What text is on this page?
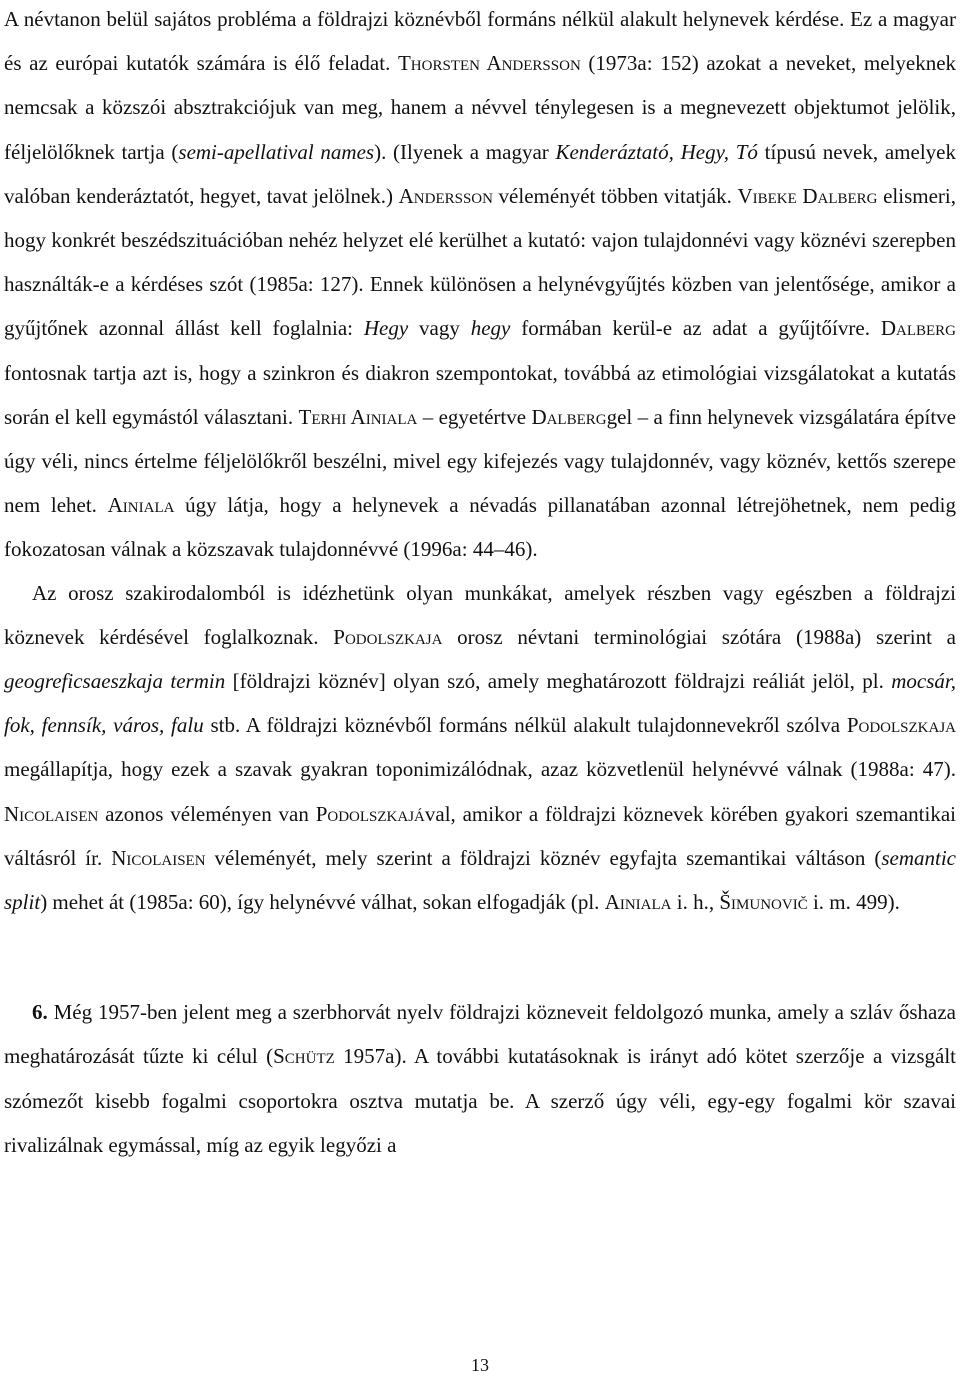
A névtanon belül sajátos probléma a földrajzi köznévből formáns nélkül alakult helynevek kérdése. Ez a magyar és az európai kutatók számára is élő feladat. Thorsten Andersson (1973a: 152) azokat a neveket, melyeknek nemcsak a közszói absztrakciójuk van meg, hanem a névvel ténylegesen is a megnevezett objektumot jelölik, féljelölőknek tartja (semi-apellatival names). (Ilyenek a magyar Kenderáztató, Hegy, Tó típusú nevek, amelyek valóban kenderáztatót, hegyet, tavat jelölnek.) Andersson véleményét többen vitatják. Vibeke Dalberg elismeri, hogy konkrét beszédszituációban nehéz helyzet elé kerülhet a kutató: vajon tulajdonnévi vagy köznévi szerepben használták-e a kérdéses szót (1985a: 127). Ennek különösen a helynévgyűjtés közben van jelentősége, amikor a gyűjtőnek azonnal állást kell foglalnia: Hegy vagy hegy formában kerül-e az adat a gyűjtőívre. Dalberg fontosnak tartja azt is, hogy a szinkron és diakron szempontokat, továbbá az etimológiai vizsgálatokat a kutatás során el kell egymástól választani. Terhi Ainiala – egyetértve Dalberggel – a finn helynevek vizsgálatára építve úgy véli, nincs értelme féljelölőkről beszélni, mivel egy kifejezés vagy tulajdonnév, vagy köznév, kettős szerepe nem lehet. Ainiala úgy látja, hogy a helynevek a névadás pillanatában azonnal létrejöhetnek, nem pedig fokozatosan válnak a közszavak tulajdonnévvé (1996a: 44–46).

Az orosz szakirodalomból is idézhetünk olyan munkákat, amelyek részben vagy egészben a földrajzi köznevek kérdésével foglalkoznak. Podolszkaja orosz névtani terminológiai szótára (1988a) szerint a geogreficsaeszkaja termin [földrajzi köznév] olyan szó, amely meghatározott földrajzi reáliát jelöl, pl. mocsár, fok, fennsík, város, falu stb. A földrajzi köznévből formáns nélkül alakult tulajdonnevekről szólva Podolszkaja megállapítja, hogy ezek a szavak gyakran toponimizálódnak, azaz közvetlenül helynévvé válnak (1988a: 47). Nicolaisen azonos véleményen van Podolszkajával, amikor a földrajzi köznevek körében gyakori szemantikai váltásról ír. Nicolaisen véleményét, mely szerint a földrajzi köznév egyfajta szemantikai váltáson (semantic split) mehet át (1985a: 60), így helynévvé válhat, sokan elfogadják (pl. Ainiala i. h., Šimunovič i. m. 499).

6. Még 1957-ben jelent meg a szerbhorvát nyelv földrajzi közneveit feldolgozó munka, amely a szláv őshaza meghatározását tűzte ki célul (Schütz 1957a). A további kutatásoknak is irányt adó kötet szerzője a vizsgált szómezőt kisebb fogalmi csoportokra osztva mutatja be. A szerző úgy véli, egy-egy fogalmi kör szavai rivalizálnak egymással, míg az egyik legyőzi a

13
